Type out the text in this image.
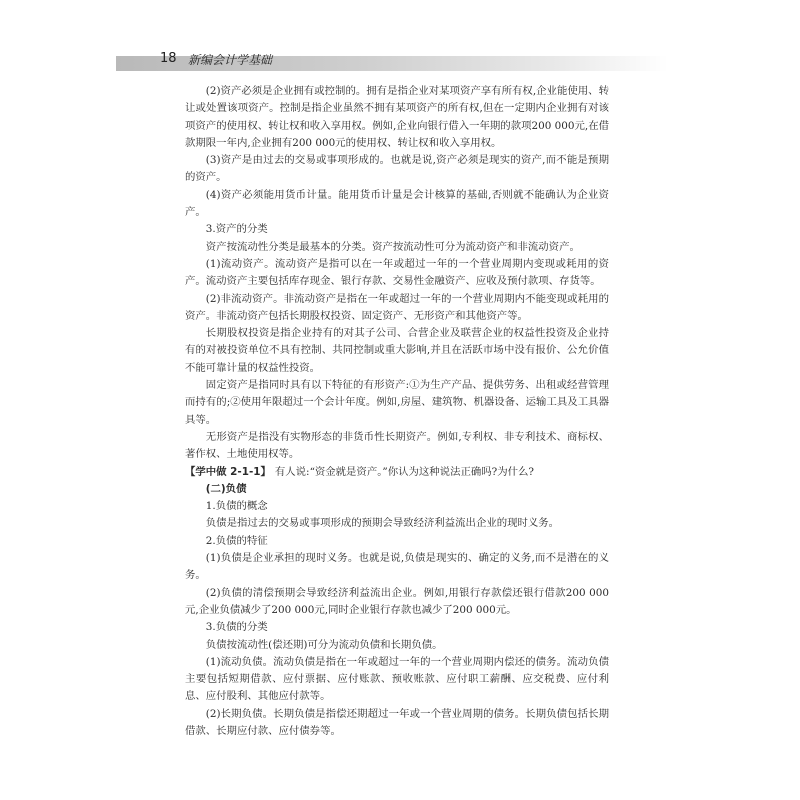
18 新编会计学基础

(2)资产必须是企业拥有或控制的。拥有是指企业对某项资产享有所有权,企业能使用、转让或处置该项资产。控制是指企业虽然不拥有某项资产的所有权,但在一定期内企业拥有对该项资产的使用权、转让权和收入享用权。例如,企业向银行借入一年期的款项200 000元,在借款期限一年内,企业拥有200 000元的使用权、转让权和收入享用权。

(3)资产是由过去的交易或事项形成的。也就是说,资产必须是现实的资产,而不能是预期的资产。

(4)资产必须能用货币计量。能用货币计量是会计核算的基础,否则就不能确认为企业资产。

3.资产的分类

资产按流动性分类是最基本的分类。资产按流动性可分为流动资产和非流动资产。

(1)流动资产。流动资产是指可以在一年或超过一年的一个营业周期内变现或耗用的资产。流动资产主要包括库存现金、银行存款、交易性金融资产、应收及预付款项、存货等。

(2)非流动资产。非流动资产是指在一年或超过一年的一个营业周期内不能变现或耗用的资产。非流动资产包括长期股权投资、固定资产、无形资产和其他资产等。

长期股权投资是指企业持有的对其子公司、合营企业及联营企业的权益性投资及企业持有的对被投资单位不具有控制、共同控制或重大影响,并且在活跃市场中没有报价、公允价值不能可靠计量的权益性投资。

固定资产是指同时具有以下特征的有形资产:①为生产产品、提供劳务、出租或经营管理而持有的;②使用年限超过一个会计年度。例如,房屋、建筑物、机器设备、运输工具及工具器具等。

无形资产是指没有实物形态的非货币性长期资产。例如,专利权、非专利技术、商标权、著作权、土地使用权等。

【学中做 2-1-1】 有人说:“资金就是资产。”你认为这种说法正确吗?为什么?

(二)负债

1.负债的概念

负债是指过去的交易或事项形成的预期会导致经济利益流出企业的现时义务。

2.负债的特征

(1)负债是企业承担的现时义务。也就是说,负债是现实的、确定的义务,而不是潜在的义务。

(2)负债的清偿预期会导致经济利益流出企业。例如,用银行存款偿还银行借款200 000元,企业负债减少了200 000元,同时企业银行存款也减少了200 000元。

3.负债的分类

负债按流动性(偿还期)可分为流动负债和长期负债。

(1)流动负债。流动负债是指在一年或超过一年的一个营业周期内偿还的债务。流动负债主要包括短期借款、应付票据、应付账款、预收账款、应付职工薪酬、应交税费、应付利息、应付股利、其他应付款等。

(2)长期负债。长期负债是指偿还期超过一年或一个营业周期的债务。长期负债包括长期借款、长期应付款、应付债券等。
